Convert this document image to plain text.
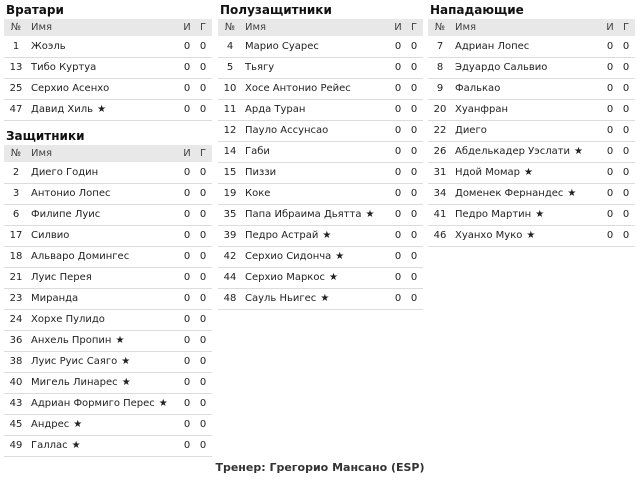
Вратари
№	Имя	И	Г
1	Жоэль	0	0
13	Тибо Куртуа	0	0
25	Серхио Асенхо	0	0
47	Давид Хиль ★	0	0
Защитники
№	Имя	И	Г
2	Диего Годин	0	0
3	Антонио Лопес	0	0
6	Филипе Луис	0	0
17	Силвио	0	0
18	Альваро Домингес	0	0
21	Луис Перея	0	0
23	Миранда	0	0
24	Хорхе Пулидо	0	0
36	Анхель Пропин ★	0	0
38	Луис Руис Саяго ★	0	0
40	Мигель Линарес ★	0	0
43	Адриан Формиго Перес ★	0	0
45	Андрес ★	0	0
49	Галлас ★	0	0
Полузащитники
№	Имя	И	Г
4	Марио Суарес	0	0
5	Тьягу	0	0
10	Хосе Антонио Рейес	0	0
11	Арда Туран	0	0
12	Пауло Ассунсао	0	0
14	Габи	0	0
15	Пиззи	0	0
19	Коке	0	0
35	Папа Ибраима Дьятта ★	0	0
39	Педро Астрай ★	0	0
42	Серхио Сидонча ★	0	0
44	Серхио Маркос ★	0	0
48	Сауль Ньигес ★	0	0
Нападающие
№	Имя	И	Г
7	Адриан Лопес	0	0
8	Эдуардо Сальвио	0	0
9	Фалькао	0	0
20	Хуанфран	0	0
22	Диего	0	0
26	Абделькадер Уэслати ★	0	0
31	Ндой Момар ★	0	0
34	Доменек Фернандес ★	0	0
41	Педро Мартин ★	0	0
46	Хуанхо Муко ★	0	0
Тренер: Грегорио Мансано (ESP)
